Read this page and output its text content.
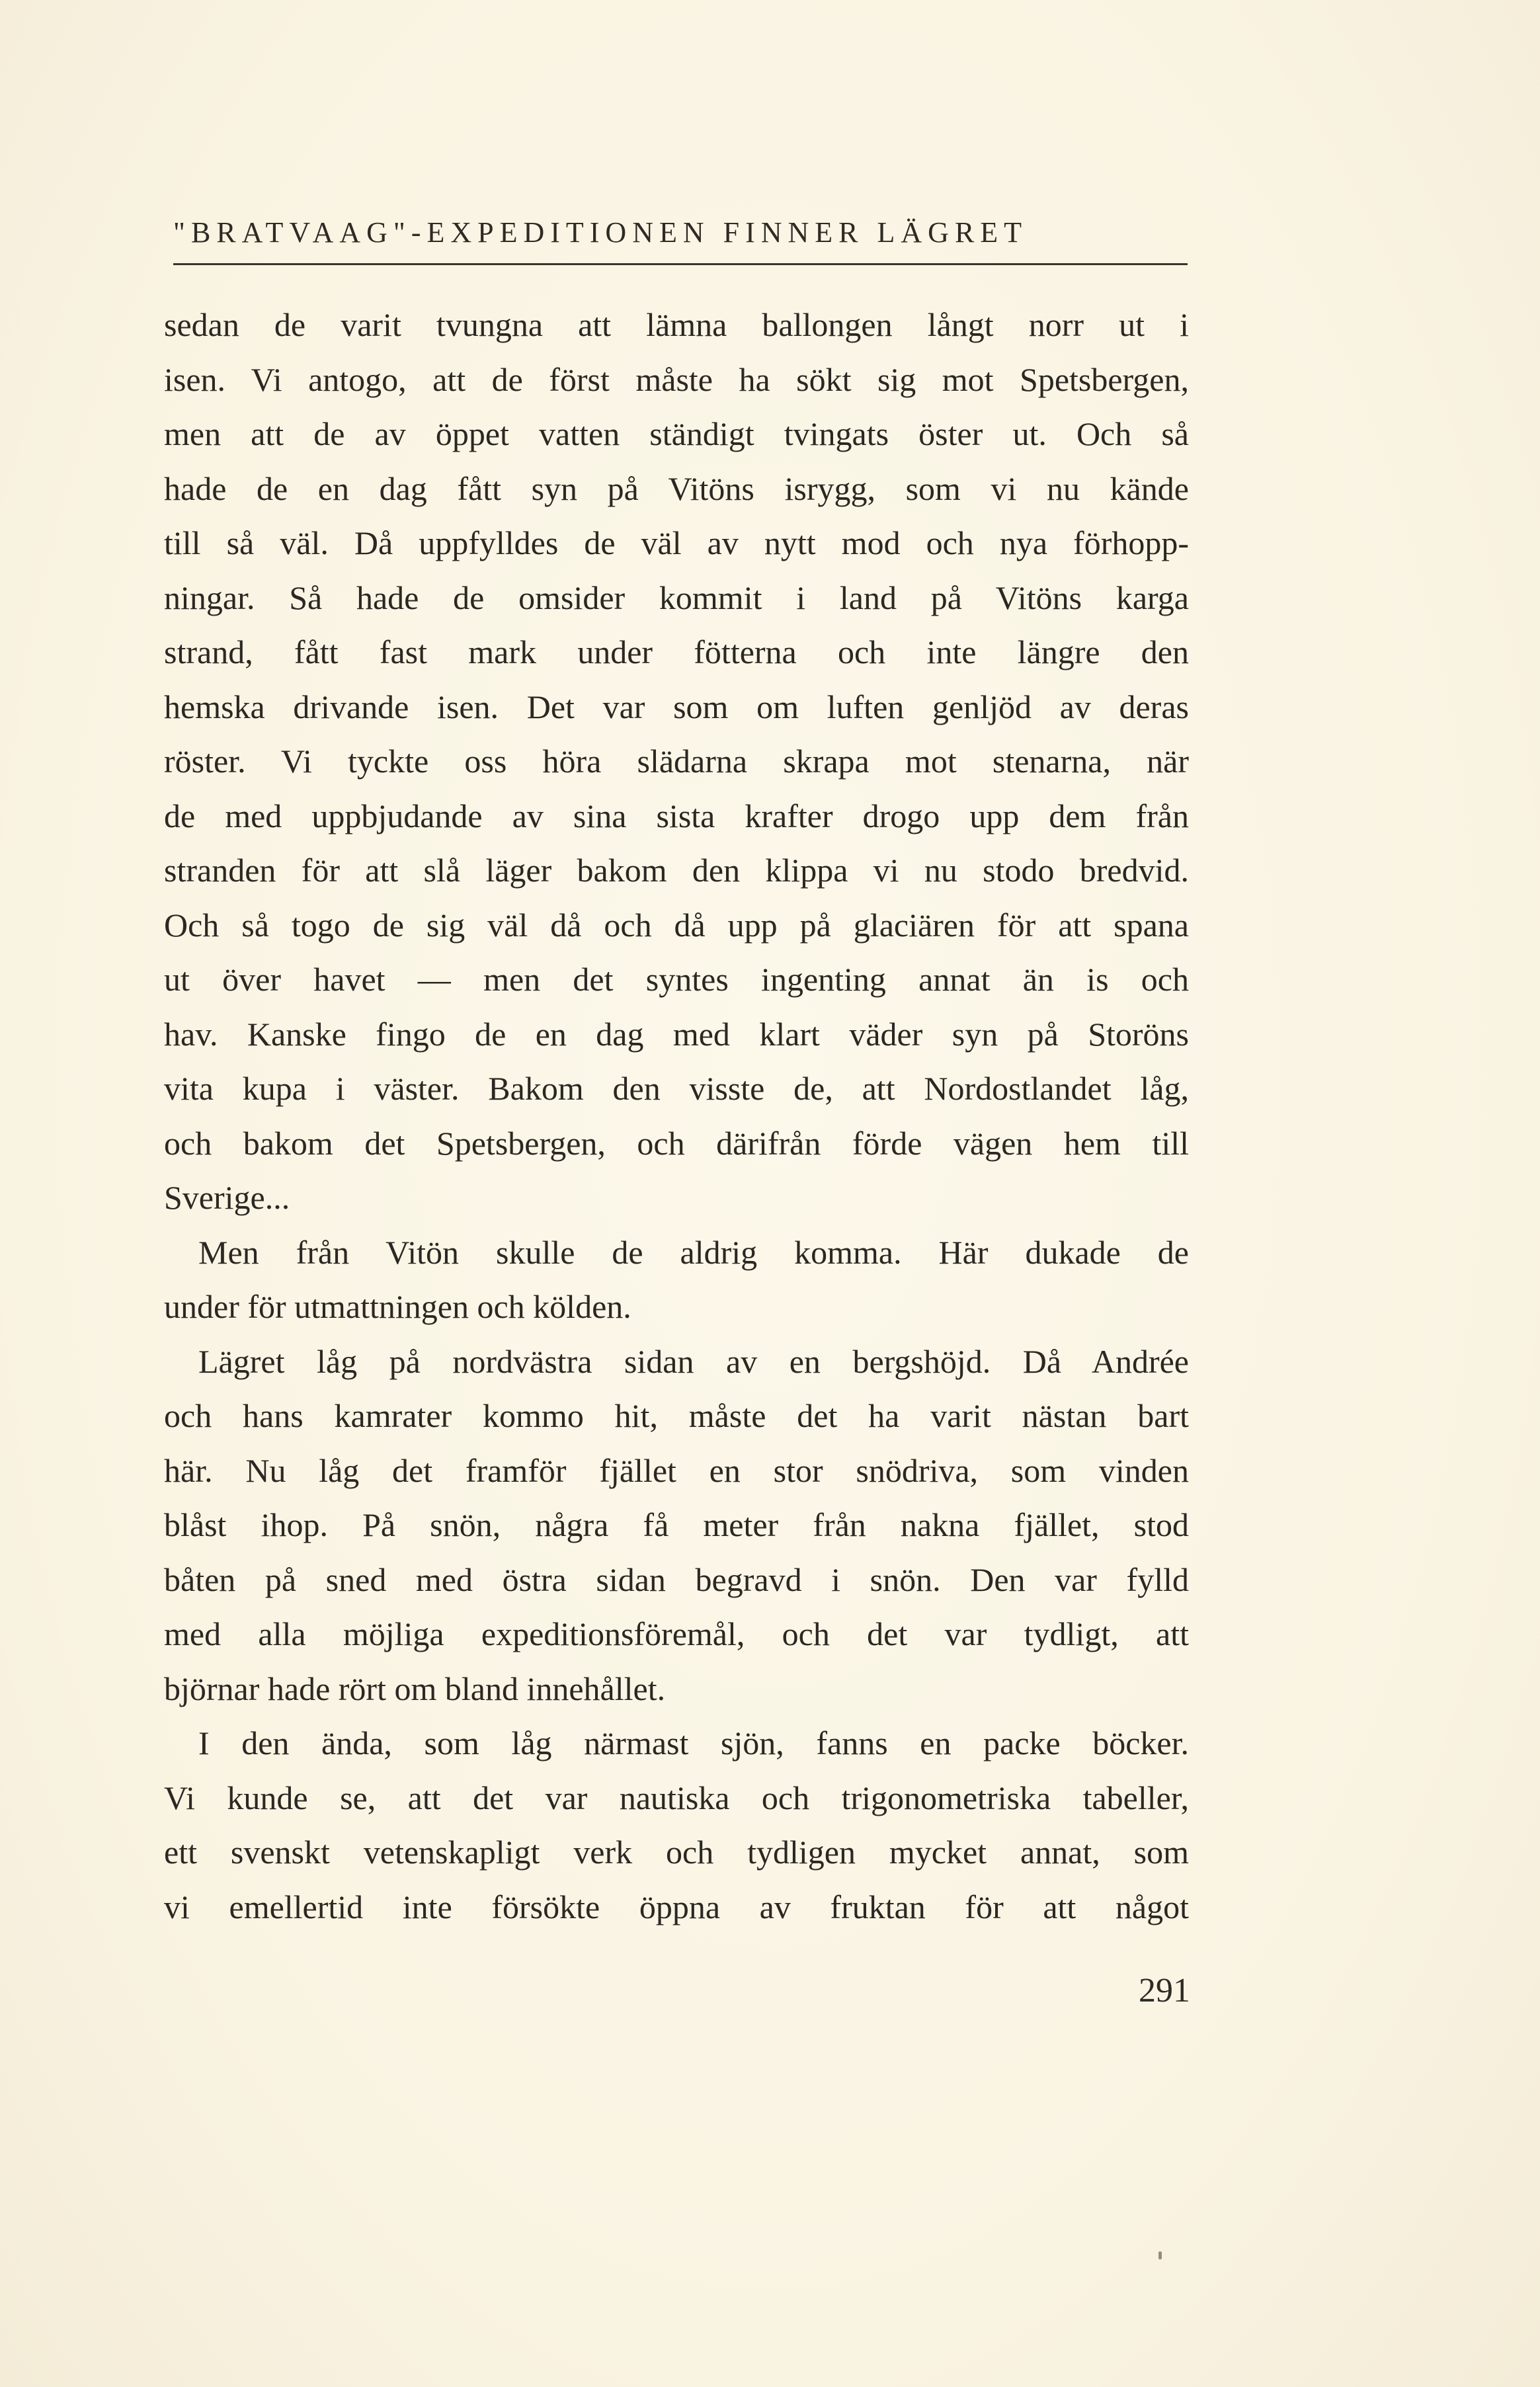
"BRATVAAG"-EXPEDITIONEN FINNER LÄGRET
sedan de varit tvungna att lämna ballongen långt norr ut i
isen. Vi antogo, att de först måste ha sökt sig mot Spetsbergen,
men att de av öppet vatten ständigt tvingats öster ut. Och så
hade de en dag fått syn på Vitöns isrygg, som vi nu kände
till så väl. Då uppfylldes de väl av nytt mod och nya förhopp-
ningar. Så hade de omsider kommit i land på Vitöns karga
strand, fått fast mark under fötterna och inte längre den
hemska drivande isen. Det var som om luften genljöd av deras
röster. Vi tyckte oss höra slädarna skrapa mot stenarna, när
de med uppbjudande av sina sista krafter drogo upp dem från
stranden för att slå läger bakom den klippa vi nu stodo bredvid.
Och så togo de sig väl då och då upp på glaciären för att spana
ut över havet — men det syntes ingenting annat än is och
hav. Kanske fingo de en dag med klart väder syn på Storöns
vita kupa i väster. Bakom den visste de, att Nordostlandet låg,
och bakom det Spetsbergen, och därifrån förde vägen hem till
Sverige...
Men från Vitön skulle de aldrig komma. Här dukade de
under för utmattningen och kölden.
Lägret låg på nordvästra sidan av en bergshöjd. Då Andrée
och hans kamrater kommo hit, måste det ha varit nästan bart
här. Nu låg det framför fjället en stor snödriva, som vinden
blåst ihop. På snön, några få meter från nakna fjället, stod
båten på sned med östra sidan begravd i snön. Den var fylld
med alla möjliga expeditionsföremål, och det var tydligt, att
björnar hade rört om bland innehållet.
I den ända, som låg närmast sjön, fanns en packe böcker.
Vi kunde se, att det var nautiska och trigonometriska tabeller,
ett svenskt vetenskapligt verk och tydligen mycket annat, som
vi emellertid inte försökte öppna av fruktan för att något
291
